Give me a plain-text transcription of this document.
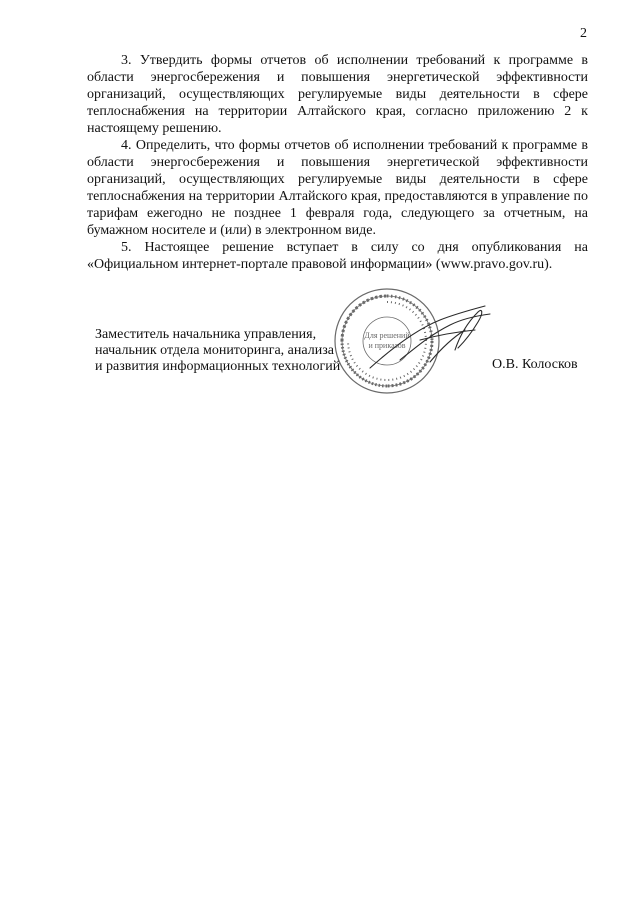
2

3. Утвердить формы отчетов об исполнении требований к программе в области энергосбережения и повышения энергетической эффективности организаций, осуществляющих регулируемые виды деятельности в сфере теплоснабжения на территории Алтайского края, согласно приложению 2 к настоящему решению.

4. Определить, что формы отчетов об исполнении требований к программе в области энергосбережения и повышения энергетической эффективности организаций, осуществляющих регулируемые виды деятельности в сфере теплоснабжения на территории Алтайского края, предоставляются в управление по тарифам ежегодно не позднее 1 февраля года, следующего за отчетным, на бумажном носителе и (или) в электронном виде.

5. Настоящее решение вступает в силу со дня опубликования на «Официальном интернет-портале правовой информации» (www.pravo.gov.ru).

Заместитель начальника управления,
начальник отдела мониторинга, анализа
и развития информационных технологий
Для решений
и приказов
О.В. Колосков
